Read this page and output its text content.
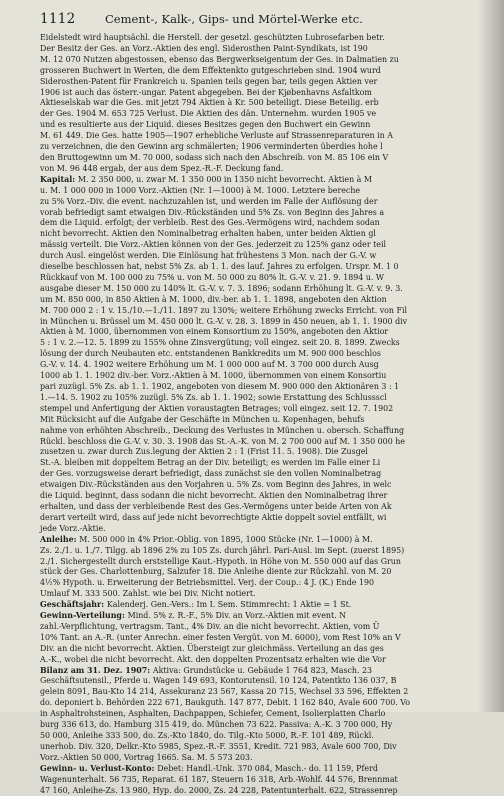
1112	Cement-, Kalk-, Gips- und Mörtel-Werke etc.
Eidelstedt wird hauptsächl. die Herstell. der gesetzl. geschützten Lubrosefarben betr.
Der Besitz der Ges. an Vorz.-Aktien des engl. Siderosthen Paint-Syndikats, ist 190
M. 12 070 Nutzen abgestossen, ebenso das Bergwerkseigentum der Ges. in Dalmatien zu
grosseren Buchwert in Werten, die dem Effektenkto gutgeschrieben sind. 1904 wurd
Siderosthen-Patent für Frankreich u. Spanien teils gegen bar, teils gegen Aktien ver
1906 ist auch das österr.-ungar. Patent abgegeben. Bei der Kjøbenhavns Asfaltkom
Aktieselskab war die Ges. mit jetzt 794 Aktien à Kr. 500 beteiligt. Diese Beteilig. erb
der Ges. 1904 M. 653 725 Verlust. Die Aktien des dän. Unternehm. wurden 1905 ve
und es resultierte aus der Liquid. dieses Besitzes gegen den Buchwert ein Gewinn
M. 61 449. Die Ges. hatte 1905—1907 erhebliche Verluste auf Strassenreparaturen in A
zu verzeichnen, die den Gewinn arg schmälerten; 1906 verminderten überdies hohe l
den Bruttogewinn um M. 70 000, sodass sich nach den Abschreib. von M. 85 106 ein V
von M. 96 448 ergab, der aus dem Spez.-R.-F. Deckung fand.
Kapital: M. 2 350 000, u. zwar M. 1 350 000 in 1350 nicht bevorrecht. Aktien à M
u. M. 1 000 000 in 1000 Vorz.-Aktien (Nr. 1—1000) à M. 1000. Letztere bereche
zu 5% Vorz.-Div. die event. nachzuzahlen ist, und werden im Falle der Auflösung der
vorab befriedigt samt etwaigen Div.-Rückständen und 5% Zs. von Beginn des Jahres a
dem die Liquid. erfolgt; der verbleib. Rest des Ges.-Vermögens wird, nachdem sodan
nicht bevorrecht. Aktien den Nominalbetrag erhalten haben, unter beiden Aktien gl
mässig verteilt. Die Vorz.-Aktien können von der Ges. jederzeit zu 125% ganz oder teil
durch Ausl. eingelöst werden. Die Einlösung hat frühestens 3 Mon. nach der G.-V. w
dieselbe beschlossen hat, nebst 5% Zs. ab 1. 1. des lauf. Jahres zu erfolgen. Urspr. M. 1 0
Rückkauf von M. 100 000 zu 75% u. von M. 50 000 zu 80% lt. G.-V. v. 21. 9. 1894 u. W
ausgabe dieser M. 150 000 zu 140% lt. G.-V. v. 7. 3. 1896; sodann Erhöhung lt. G.-V. v. 9. 3.
um M. 850 000, in 850 Aktien à M. 1000, div.-ber. ab 1. 1. 1898, angeboten den Aktion
M. 700 000 2 : 1 v. 15./10.—1./11. 1897 zu 130%; weitere Erhöhung zwecks Erricht. von Fil
in München u. Brüssel um M. 450 000 lt. G.-V. v. 28. 3. 1899 in 450 neuen, ab 1. 1. 1900 div
Aktien à M. 1000, übernommen von einem Konsortium zu 150%, angeboten den Aktior
5 : 1 v. 2.—12. 5. 1899 zu 155% ohne Zinsvergütung; voll eingez. seit 20. 8. 1899. Zwecks
lösung der durch Neubauten etc. entstandenen Bankkredits um M. 900 000 beschlos
G.-V. v. 14. 4. 1902 weitere Erhöhung um M. 1 000 000 auf M. 3 700 000 durch Ausg
1000 ab 1. 1. 1902 div.-ber. Vorz.-Aktien à M. 1000, übernommen von einem Konsortiu
pari zuzügl. 5% Zs. ab 1. 1. 1902, angeboten von diesem M. 900 000 den Aktionären 3 : 1
1.—14. 5. 1902 zu 105% zuzügl. 5% Zs. ab 1. 1. 1902; sowie Erstattung des Schlussscl
stempel und Anfertigung der Aktien voraustagten Betrages; voll eingez. seit 12. 7. 1902
Mit Rücksicht auf die Aufgabe der Geschäfte in München u. Kopenhagen, behufs
nahme von erhöhten Abschreib., Deckung des Verlustes in München u. obersch. Schaffung
Rückl. beschloss die G.-V. v. 30. 3. 1908 das St.-A.-K. von M. 2 700 000 auf M. 1 350 000 he
zusetzen u. zwar durch Zus.legung der Aktien 2 : 1 (Frist 11. 5. 1908). Die Zusgel
St.-A. bleiben mit doppeltem Betrag an der Div. beteiligt; es werden im Falle einer Li
der Ges. vorzugsweise derart befriedigt, dass zunächst sie den vollen Nominalbetrag
etwaigen Div.-Rückständen aus den Vorjahren u. 5% Zs. vom Beginn des Jahres, in welc
die Liquid. beginnt, dass sodann die nicht bevorrecht. Aktien den Nominalbetrag ihrer
erhalten, und dass der verbleibende Rest des Ges.-Vermögens unter beide Arten von Ak
derart verteilt wird, dass auf jede nicht bevorrechtigte Aktie doppelt soviel entfällt, wi
jede Vorz.-Aktie.
Anleihe: M. 500 000 in 4% Prior.-Oblig. von 1895, 1000 Stücke (Nr. 1—1000) à M.
Zs. 2./1. u. 1./7. Tilgg. ab 1896 2% zu 105 Zs. durch jährl. Pari-Ausl. im Sept. (zuerst 1895)
2./1. Sichergestellt durch erststellige Kaut.-Hypoth. in Höhe von M. 550 000 auf das Grun
stück der Ges. Charlottenburg, Salzufer 18. Die Anleihe diente zur Rückzahl. von M. 20
4½% Hypoth. u. Erweiterung der Betriebsmittel. Verj. der Coup.: 4 J. (K.) Ende 190
Umlauf M. 333 500. Zahlst. wie bei Div. Nicht notiert.
Geschäftsjahr: Kalenderj. Gen.-Vers.: Im I. Sem. Stimmrecht: 1 Aktie = 1 St.
Gewinn-Verteilung: Mind. 5% z. R.-F., 5% Div. an Vorz.-Aktien mit event. N
zahl.-Verpflichtung, vertragsm. Tant., 4% Div. an die nicht bevorrecht. Aktien, vom Ü
10% Tant. an A.-R. (unter Anrechn. einer festen Vergüt. von M. 6000), vom Rest 10% an V
Div. an die nicht bevorrecht. Aktien. Übersteigt zur gleichmäss. Verteilung an das ges
A.-K., wobei die nicht bevorrecht. Akt. den doppelten Prozentsatz erhalten wie die Vor
Bilanz am 31. Dez. 1907: Aktiva: Grundstücke u. Gebäude 1 764 823, Masch. 23
Geschäftsutensil., Pferde u. Wagen 149 693, Kontorutensil. 10 124, Patentkto 136 037, B
gelein 8091, Bau-Kto 14 214, Assekuranz 23 567, Kassa 20 715, Wechsel 33 596, Effekten 2
do. deponiert b. Behörden 222 671, Baukguth. 147 877, Debit. 1 162 840, Avale 600 700. Vo
in Asphaltrohsteinen, Asphalten, Dachpappen, Schiefer, Cement, Isolierplatten Charlo
burg 336 613, do. Hamburg 315 419, do. München 73 622. Passiva: A.-K. 3 700 000, Hy
50 000, Anleihe 333 500, do. Zs.-Kto 1840, do. Tilg.-Kto 5000, R.-F. 101 489, Rückl.
unerhob. Div. 320, Delkr.-Kto 5985, Spez.-R.-F. 3551, Kredit. 721 983, Avale 600 700, Div
Vorz.-Aktien 50 000, Vortrag 1665. Sa. M. 5 573 203.
Gewinn- u. Verlust-Konto: Debet: Handl.-Unk. 370 084, Masch.- do. 11 159, Pferd
Wagenunterhalt. 56 735, Reparat. 61 187, Steuern 16 318, Arb.-Wohlf. 44 576, Brennmat
47 160, Anleihe-Zs. 13 980, Hyp. do. 2000, Zs. 24 228, Patentunterhalt. 622, Strassenrep
